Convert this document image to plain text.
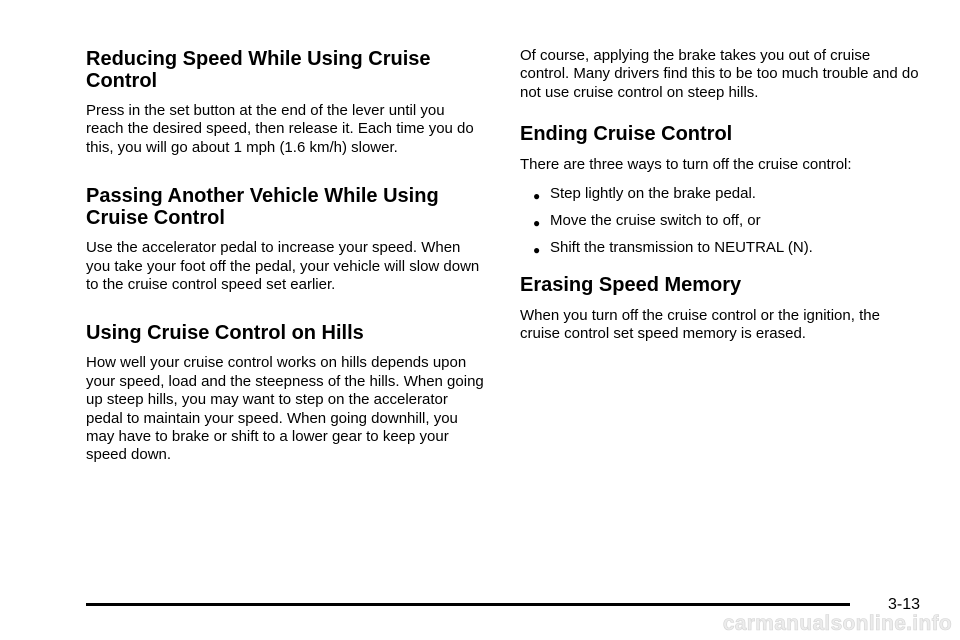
Reducing Speed While Using Cruise Control

Press in the set button at the end of the lever until you reach the desired speed, then release it. Each time you do this, you will go about 1 mph (1.6 km/h) slower.

Passing Another Vehicle While Using Cruise Control

Use the accelerator pedal to increase your speed. When you take your foot off the pedal, your vehicle will slow down to the cruise control speed set earlier.

Using Cruise Control on Hills

How well your cruise control works on hills depends upon your speed, load and the steepness of the hills. When going up steep hills, you may want to step on the accelerator pedal to maintain your speed. When going downhill, you may have to brake or shift to a lower gear to keep your speed down.

Of course, applying the brake takes you out of cruise control. Many drivers find this to be too much trouble and do not use cruise control on steep hills.

Ending Cruise Control

There are three ways to turn off the cruise control:

● Step lightly on the brake pedal.
● Move the cruise switch to off, or
● Shift the transmission to NEUTRAL (N).
Erasing Speed Memory

When you turn off the cruise control or the ignition, the cruise control set speed memory is erased.

3-13
carmanualsonline.info
